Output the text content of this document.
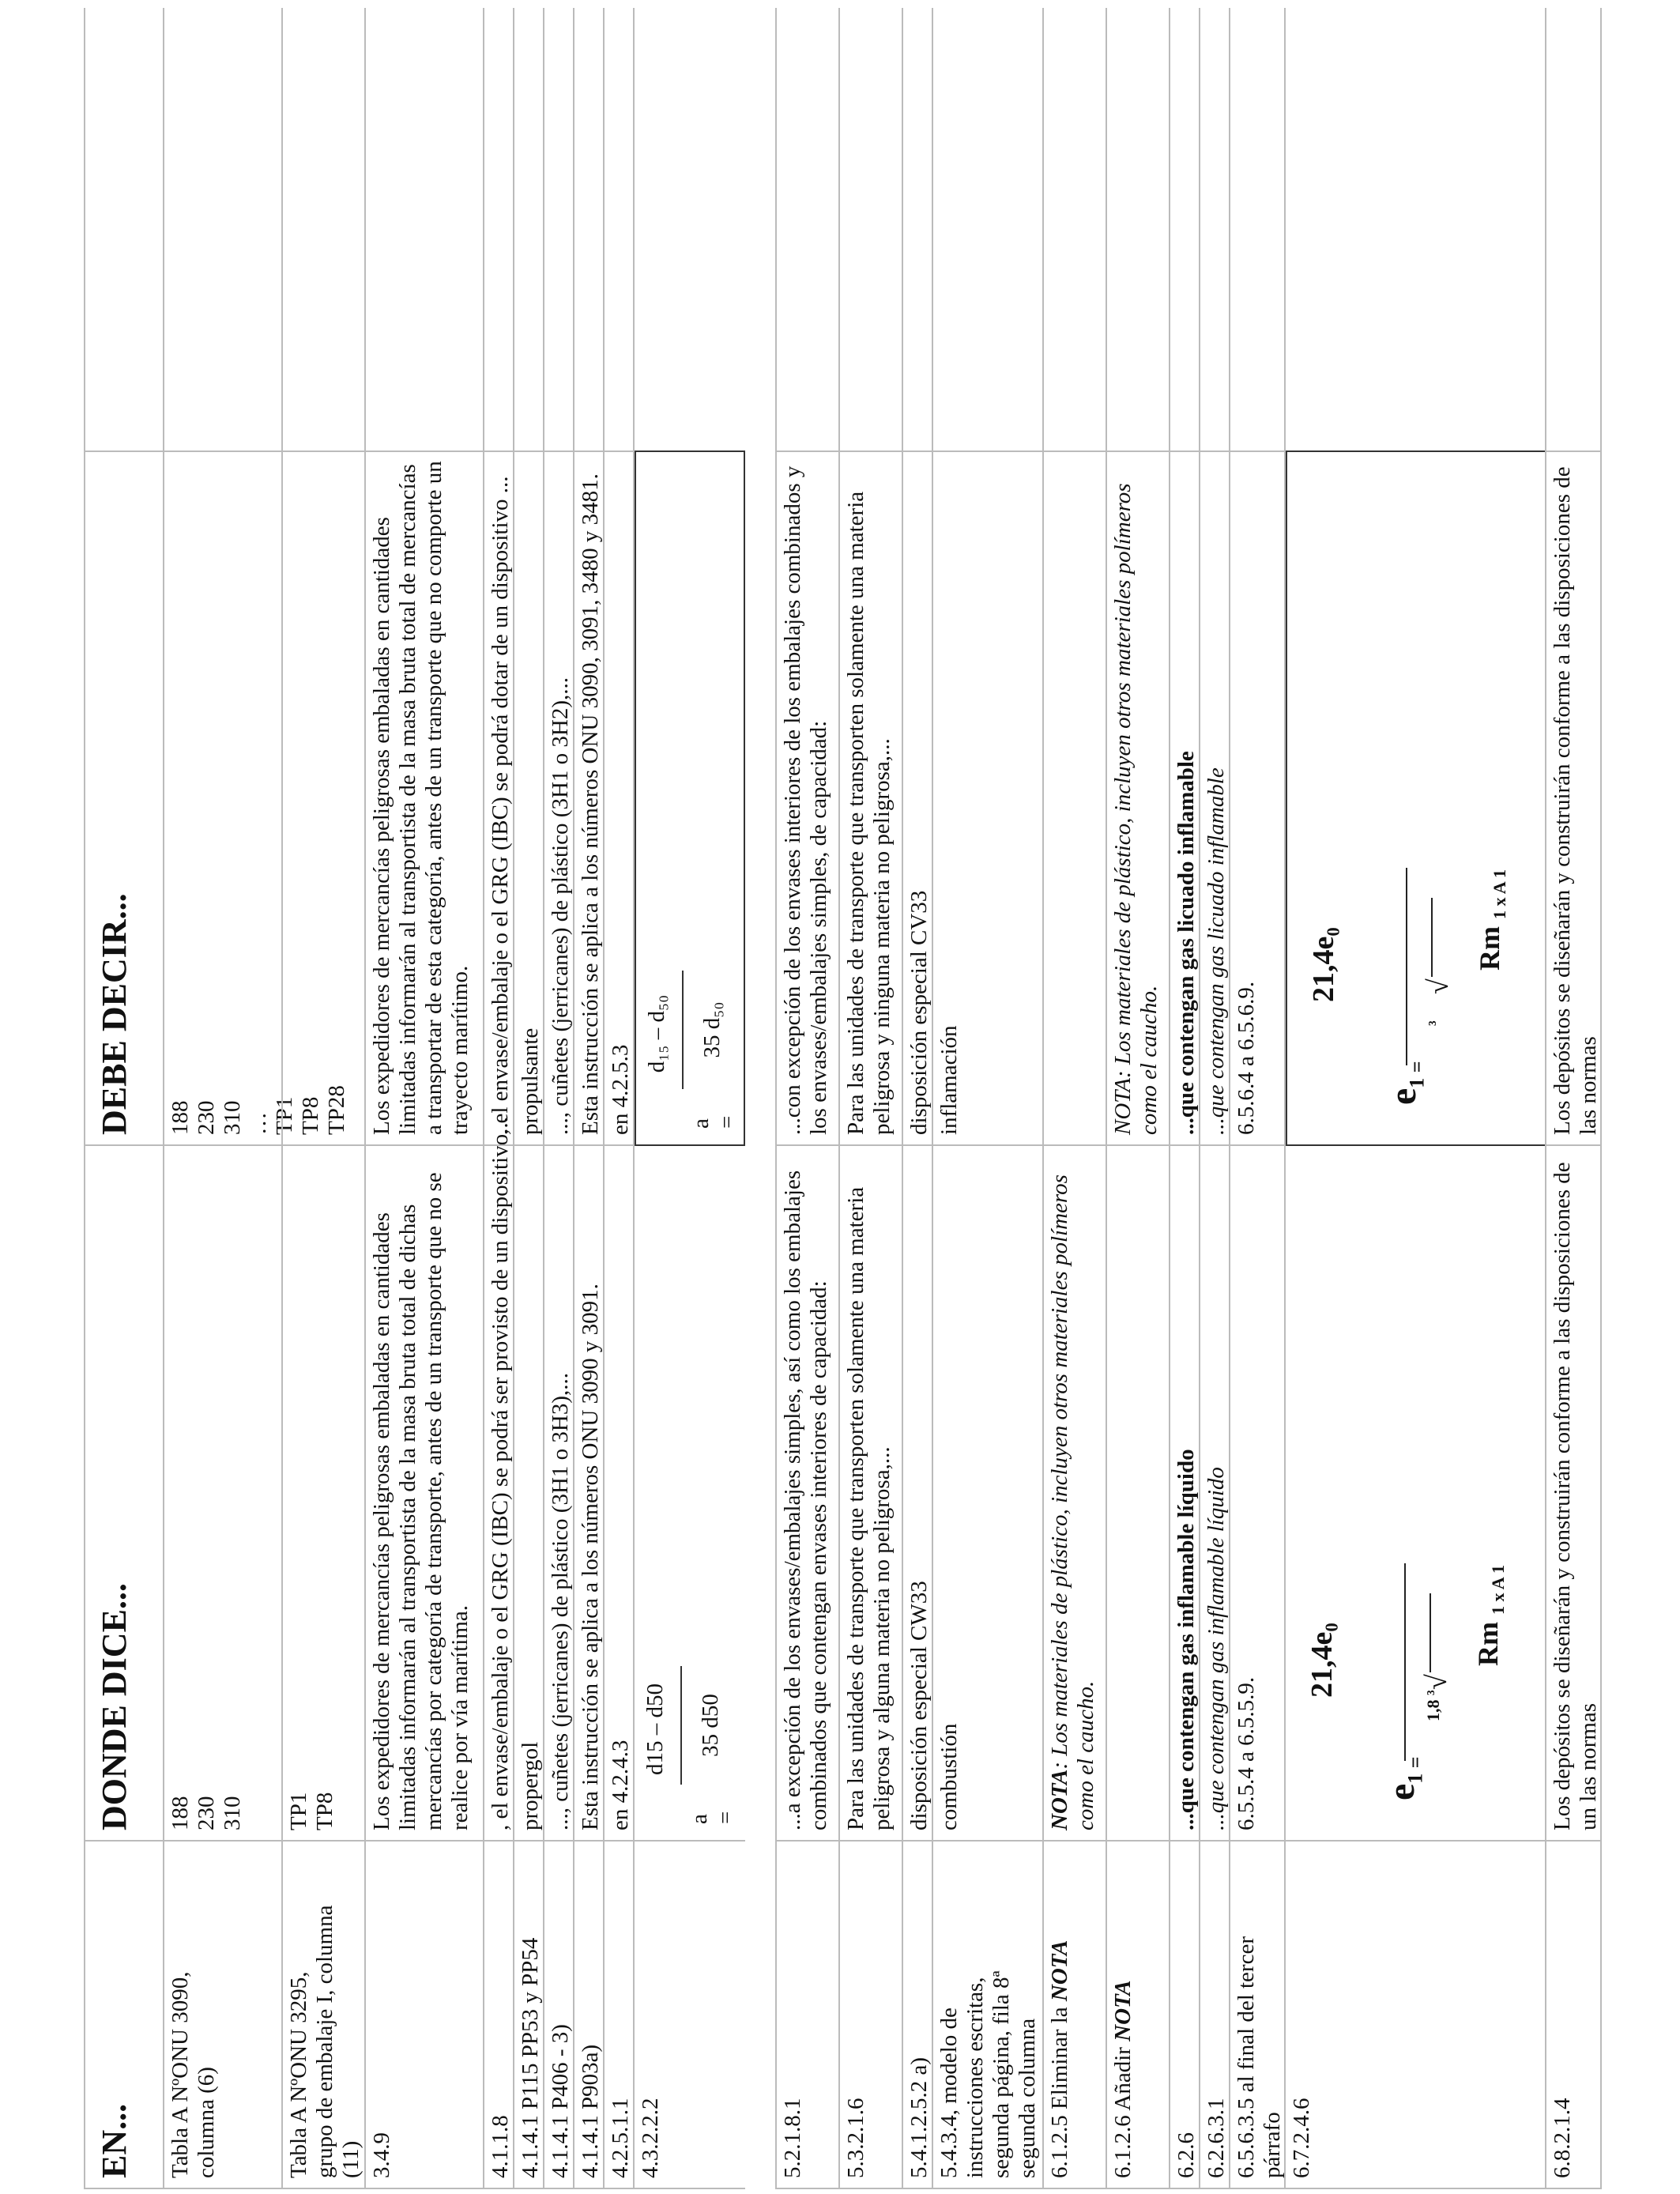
EN...
DONDE DICE...
DEBE DECIR...
Tabla A NºONU 3090, columna (6)
188 230 310
188 230 310 … TP1 TP8 TP28
Tabla A NºONU 3295, grupo de embalaje I, columna (11)
TP1 TP8
3.4.9
Los expedidores de mercancías peligrosas embaladas en cantidades limitadas informarán al transportista de la masa bruta total de dichas mercancías por categoría de transporte, antes de un transporte que no se realice por vía marítima.
Los expedidores de mercancías peligrosas embaladas en cantidades limitadas informarán al transportista de la masa bruta total de mercancías a transportar de esta categoría, antes de un transporte que no comporte un trayecto marítimo.
4.1.1.8
, el envase/embalaje o el GRG (IBC) se podrá ser provisto de un dispositivo...
, el envase/embalaje o el GRG (IBC) se podrá dotar de un dispositivo ...
4.1.4.1 P115 PP53 y PP54
propergol
propulsante
4.1.4.1 P406 - 3)
..., cuñetes (jerricanes) de plástico (3H1 o 3H3),...
..., cuñetes (jerricanes) de plástico (3H1 o 3H2),...
4.1.4.1 P903a)
Esta instrucción se aplica a los números ONU 3090 y 3091.
Esta instrucción se aplica a los números ONU 3090, 3091, 3480 y 3481.
4.2.5.1.1
en 4.2.4.3
en 4.2.5.3
4.3.2.2.2
a =
d15 – d50 35 d50
a =
d₁₅ – d₅₀ 35 d₅₀
5.2.1.8.1
...a excepción de los envases/embalajes simples, así como los embalajes combinados que contengan envases interiores de capacidad:
...con excepción de los envases interiores de los embalajes combinados y los envases/embalajes simples, de capacidad:
5.3.2.1.6
Para las unidades de transporte que transporten solamente una materia peligrosa y alguna materia no peligrosa,...
Para las unidades de transporte que transporten solamente una materia peligrosa y ninguna materia no peligrosa,...
5.4.1.2.5.2 a)
disposición especial CW33
disposición especial CV33
5.4.3.4, modelo de instrucciones escritas, segunda página, fila 8ª segunda columna
combustión
inflamación
6.1.2.5 Eliminar la NOTA
NOTA: Los materiales de plástico, incluyen otros materiales polímeros como el caucho.
6.1.2.6 Añadir NOTA
NOTA: Los materiales de plástico, incluyen otros materiales polímeros como el caucho.
6.2.6
...que contengan gas inflamable líquido
...que contengan gas licuado inflamable
6.2.6.3.1
...que contengan gas inflamable líquido
...que contengan gas licuado inflamable
6.5.6.3.5 al final del tercer párrafo
6.5.5.4 a 6.5.5.9.
6.5.6.4 a 6.5.6.9.
6.7.2.4.6
21,4e₀
$e_{1 =}$
1,8 ³
√
Rm $_{1 x A 1}$
21,4e₀
$e_{1 =}$
³
√
Rm $_{1 x A 1}$
6.8.2.1.4
Los depósitos se diseñarán y construirán conforme a las disposiciones de un las normas
Los depósitos se diseñarán y construirán conforme a las disposiciones de las normas
